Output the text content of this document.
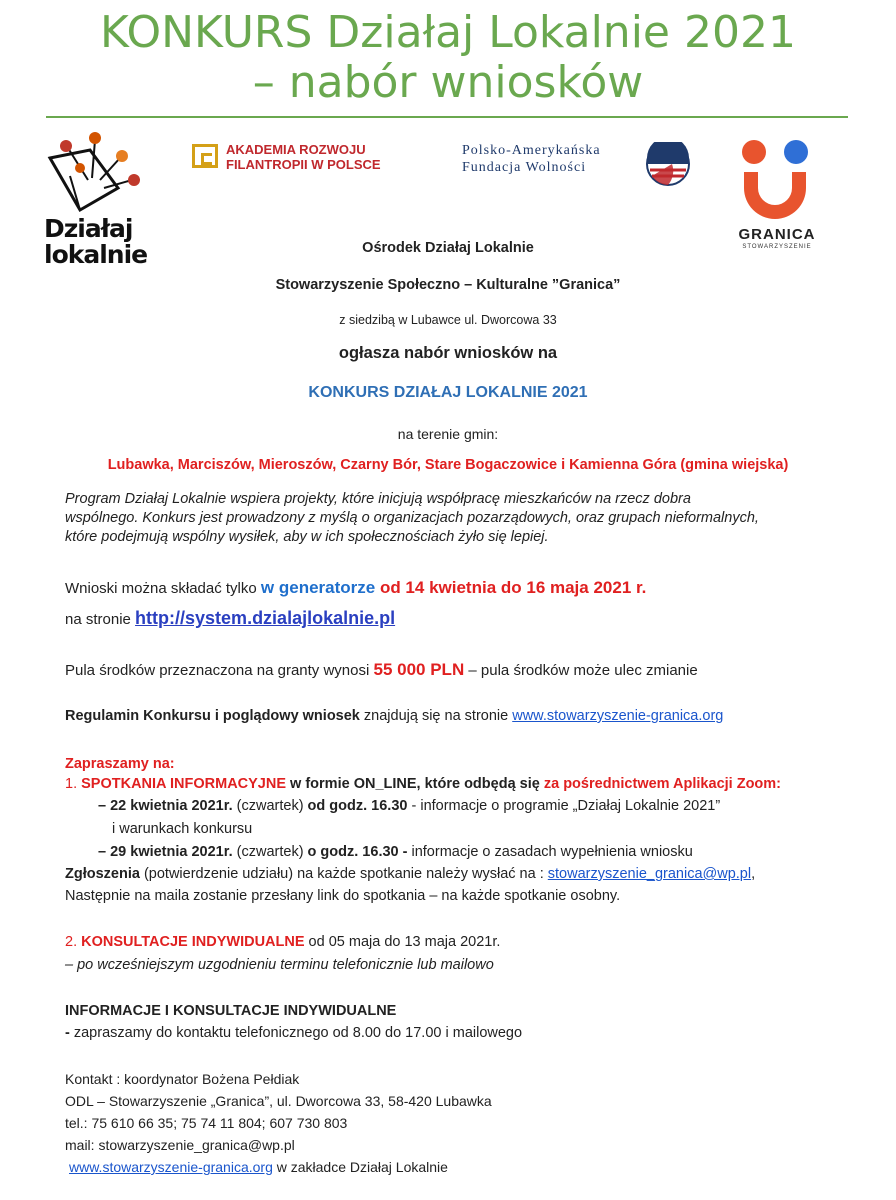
KONKURS Działaj Lokalnie 2021
– nabór wniosków
Działaj
lokalnie
AKADEMIA ROZWOJU
FILANTROPII W POLSCE
Polsko-Amerykańska
Fundacja Wolności
GRANICA
STOWARZYSZENIE
Ośrodek Działaj Lokalnie
Stowarzyszenie Społeczno – Kulturalne ”Granica”
z siedzibą w Lubawce ul. Dworcowa 33
ogłasza nabór wniosków na
KONKURS DZIAŁAJ LOKALNIE 2021
na terenie gmin:
Lubawka, Marciszów, Mieroszów, Czarny Bór, Stare Bogaczowice i Kamienna Góra (gmina wiejska)
Program Działaj Lokalnie wspiera projekty, które inicjują współpracę mieszkańców na rzecz dobra
wspólnego. Konkurs jest prowadzony z myślą o organizacjach pozarządowych, oraz grupach nieformalnych,
które podejmują wspólny wysiłek, aby w ich społecznościach żyło się lepiej.
Wnioski można składać tylko w generatorze od 14 kwietnia do 16 maja 2021 r.
na stronie http://system.dzialajlokalnie.pl
Pula środków przeznaczona na granty wynosi 55 000 PLN – pula środków może ulec zmianie
Regulamin Konkursu i poglądowy wniosek znajdują się na stronie www.stowarzyszenie-granica.org
Zapraszamy na:
1. SPOTKANIA INFORMACYJNE w formie ON_LINE, które odbędą się za pośrednictwem Aplikacji Zoom:
– 22 kwietnia 2021r. (czwartek) od godz. 16.30 - informacje o programie „Działaj Lokalnie 2021”
i warunkach konkursu
– 29 kwietnia 2021r. (czwartek) o godz. 16.30 - informacje o zasadach wypełnienia wniosku
Zgłoszenia (potwierdzenie udziału) na każde spotkanie należy wysłać na : stowarzyszenie_granica@wp.pl,
Następnie na maila zostanie przesłany link do spotkania – na każde spotkanie osobny.
2. KONSULTACJE INDYWIDUALNE od 05 maja do 13 maja 2021r.
– po wcześniejszym uzgodnieniu terminu telefonicznie lub mailowo
INFORMACJE I KONSULTACJE INDYWIDUALNE
- zapraszamy do kontaktu telefonicznego od 8.00 do 17.00 i mailowego
Kontakt : koordynator Bożena Pełdiak
ODL – Stowarzyszenie „Granica”, ul. Dworcowa 33, 58-420 Lubawka
tel.: 75 610 66 35; 75 74 11 804; 607 730 803
mail: stowarzyszenie_granica@wp.pl
www.stowarzyszenie-granica.org w zakładce Działaj Lokalnie
